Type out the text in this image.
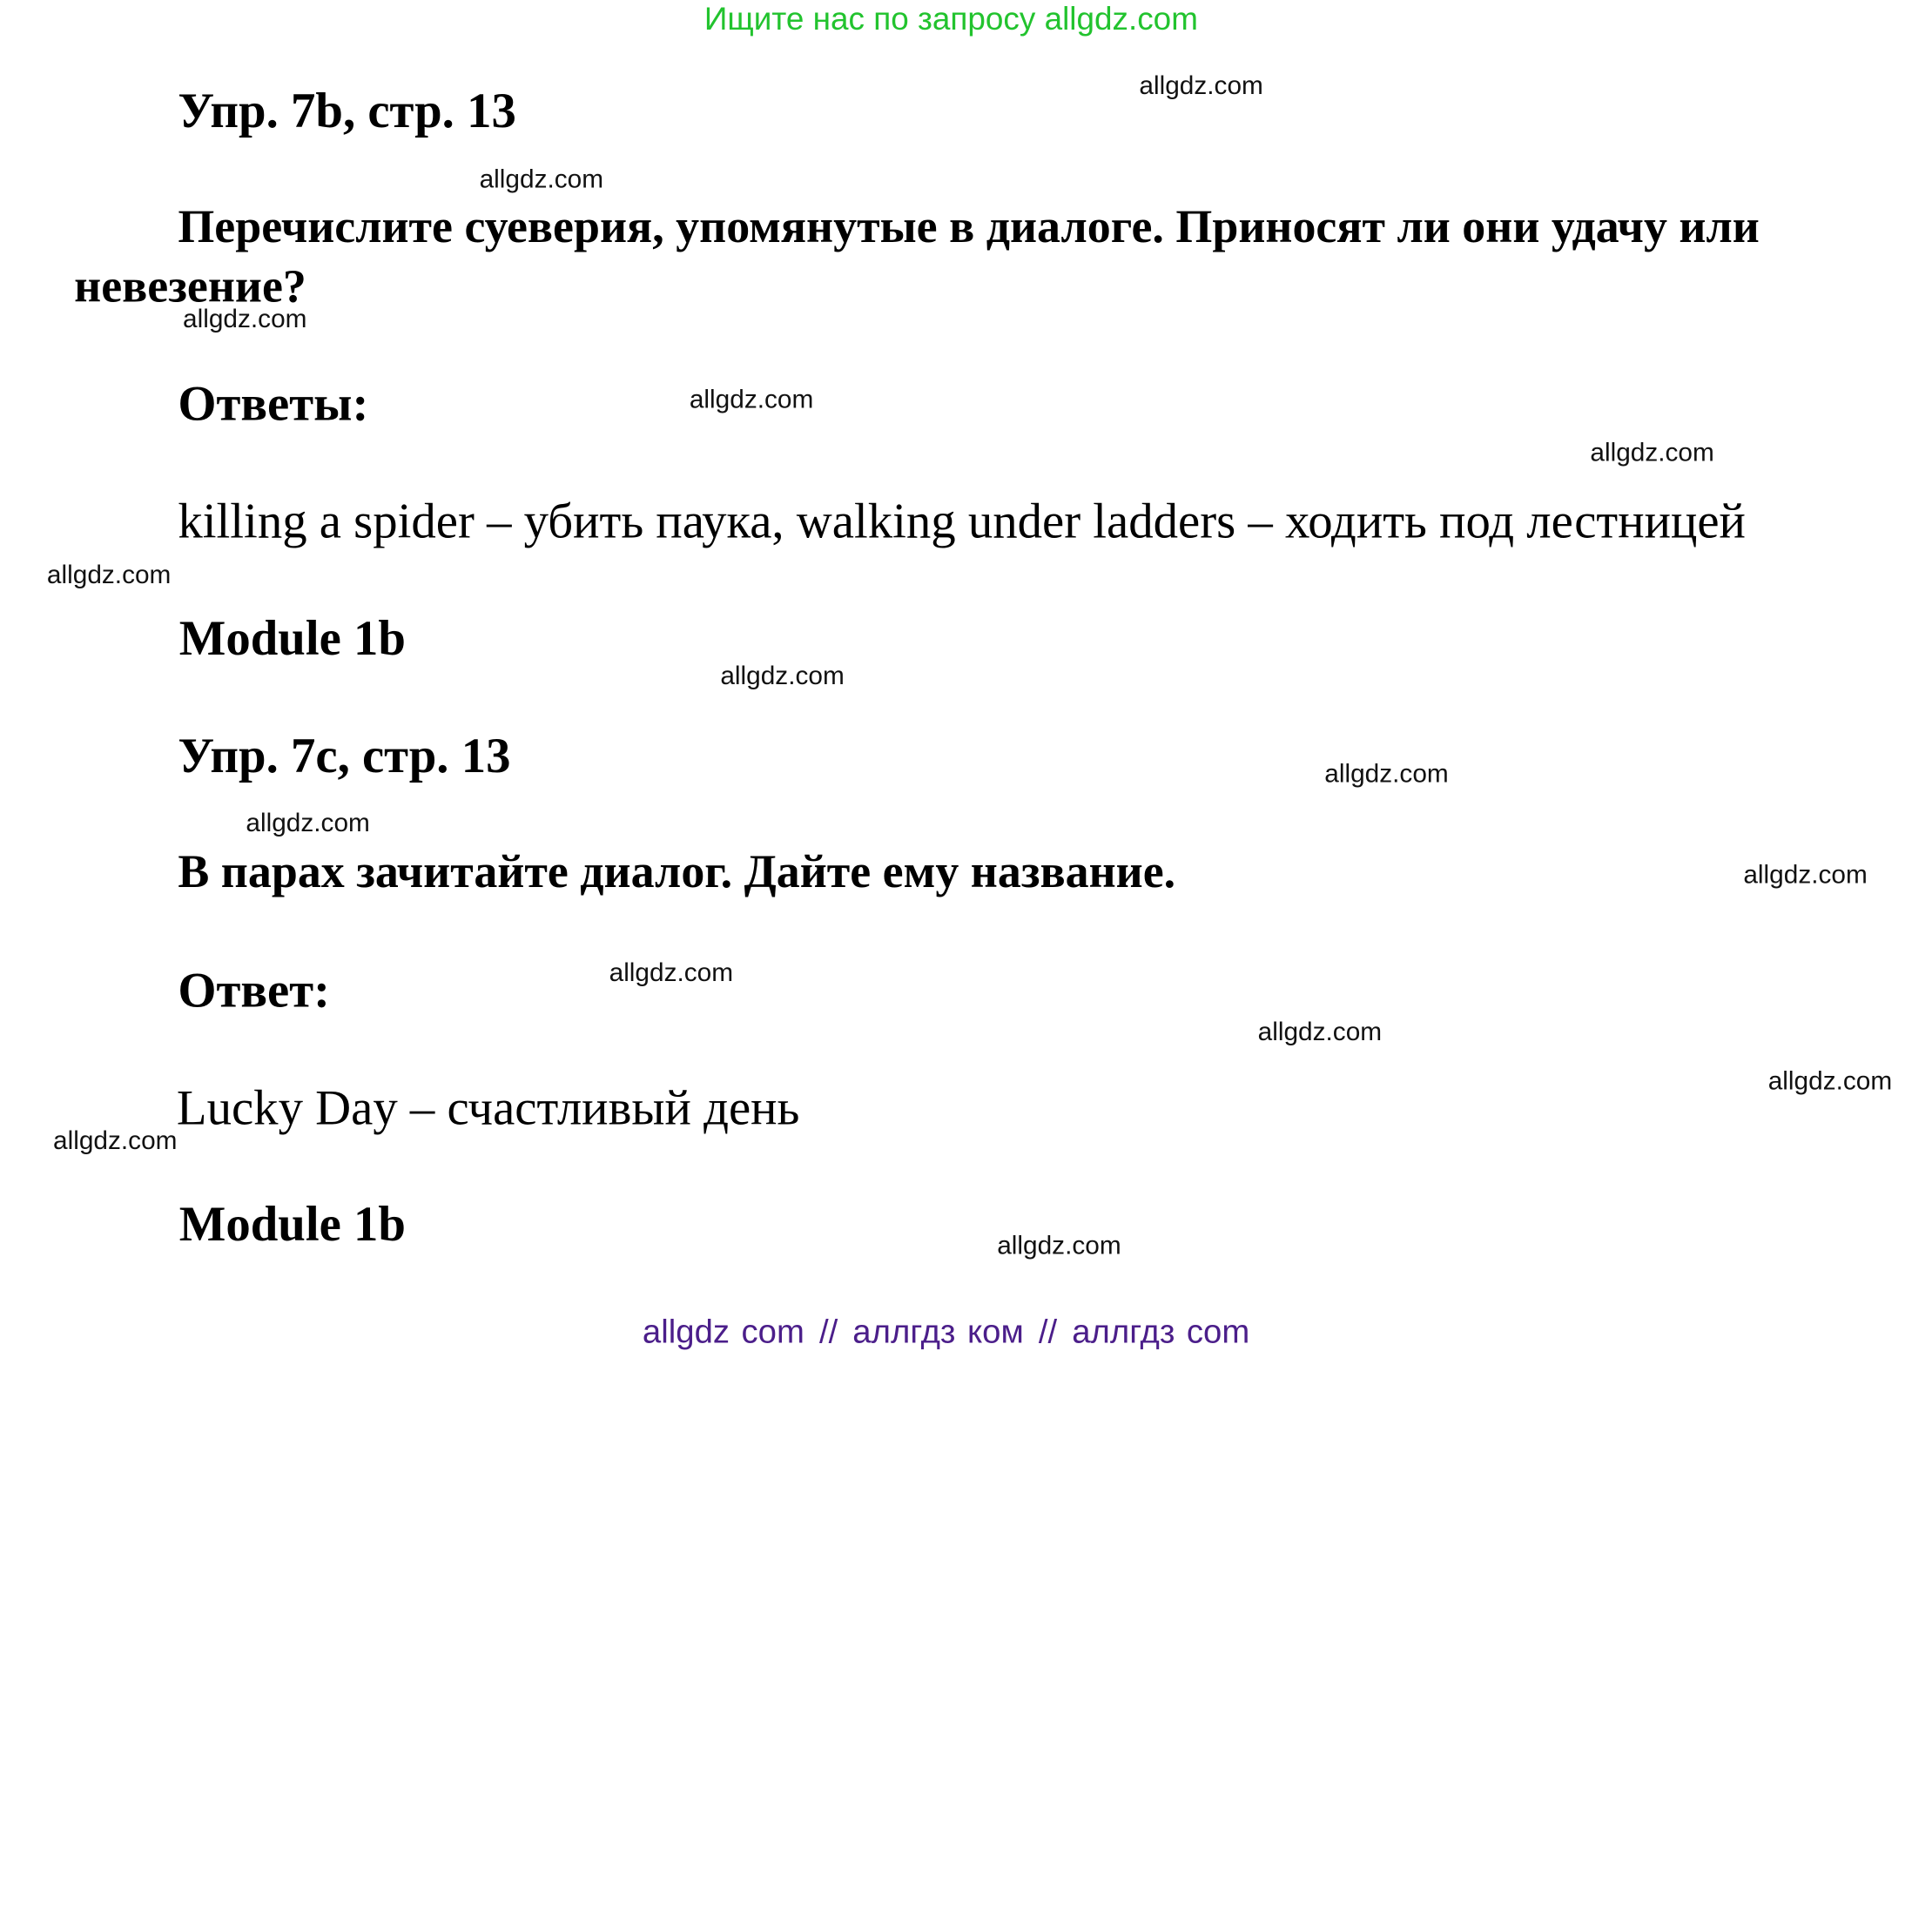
Ищите нас по запросу allgdz.com
Упр. 7b, стр. 13

Перечислите суеверия, упомянутые в диалоге. Приносят ли они удачу или невезение?

Ответы:
killing a spider – убить паука, walking under ladders – ходить под лестницей
Module 1b
Упр. 7c, стр. 13
В парах зачитайте диалог. Дайте ему название.
Ответ:
Lucky Day – счастливый день
Module 1b
allgdz.com
allgdz.com
allgdz.com
allgdz.com
allgdz.com
allgdz.com
allgdz.com
allgdz.com
allgdz.com
allgdz.com
allgdz.com
allgdz.com
allgdz.com
allgdz.com
allgdz.com
allgdz com // аллгдз ком // аллгдз com
